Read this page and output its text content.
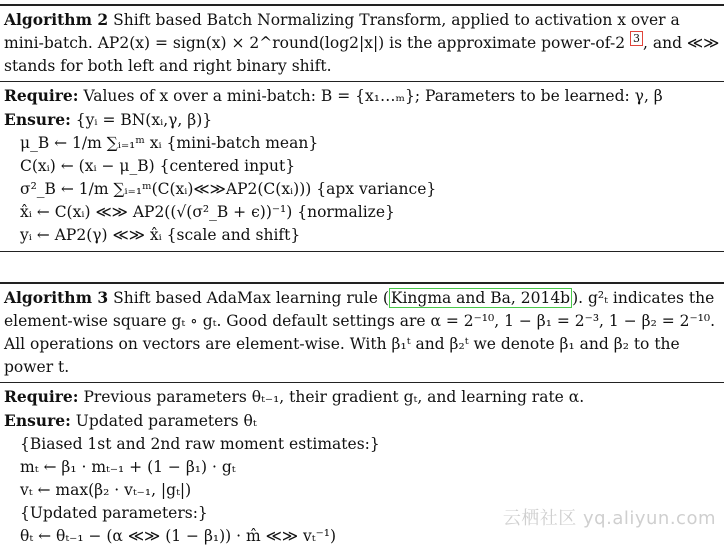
Algorithm 2 Shift based Batch Normalizing Transform, applied to activation x over a
mini-batch. AP2(x) = sign(x) × 2^round(log2|x|) is the approximate power-of-2 $^3$ , and ≪≫
stands for both left and right binary shift.
Require: Values of x over a mini-batch: B = {x₁…ₘ}; Parameters to be learned: γ, β
Ensure: {yᵢ = BN(xᵢ,γ, β)}
μ_B ← 1/m ∑ᵢ₌₁ᵐ xᵢ {mini-batch mean}
C(xᵢ) ← (xᵢ − μ_B) {centered input}
σ²_B ← 1/m ∑ᵢ₌₁ᵐ(C(xᵢ)≪≫AP2(C(xᵢ))) {apx variance}
x̂ᵢ ← C(xᵢ) ≪≫ AP2((√(σ²_B + ϵ))⁻¹) {normalize}
yᵢ ← AP2(γ) ≪≫ x̂ᵢ {scale and shift}
Algorithm 3 Shift based AdaMax learning rule ( Kingma and Ba, 2014b ). g²ₜ indicates the
element-wise square gₜ ∘ gₜ. Good default settings are α = 2⁻¹⁰, 1 − β₁ = 2⁻³, 1 − β₂ = 2⁻¹⁰.
All operations on vectors are element-wise. With β₁ᵗ and β₂ᵗ we denote β₁ and β₂ to the
power t.
Require: Previous parameters θₜ₋₁, their gradient gₜ, and learning rate α.
Ensure: Updated parameters θₜ
{Biased 1st and 2nd raw moment estimates:}
mₜ ← β₁ · mₜ₋₁ + (1 − β₁) · gₜ
vₜ ← max(β₂ · vₜ₋₁, |gₜ|)
{Updated parameters:}
θₜ ← θₜ₋₁ − (α ≪≫ (1 − β₁)) · m̂ ≪≫ vₜ⁻¹)
云栖社区 yq.aliyun.com
